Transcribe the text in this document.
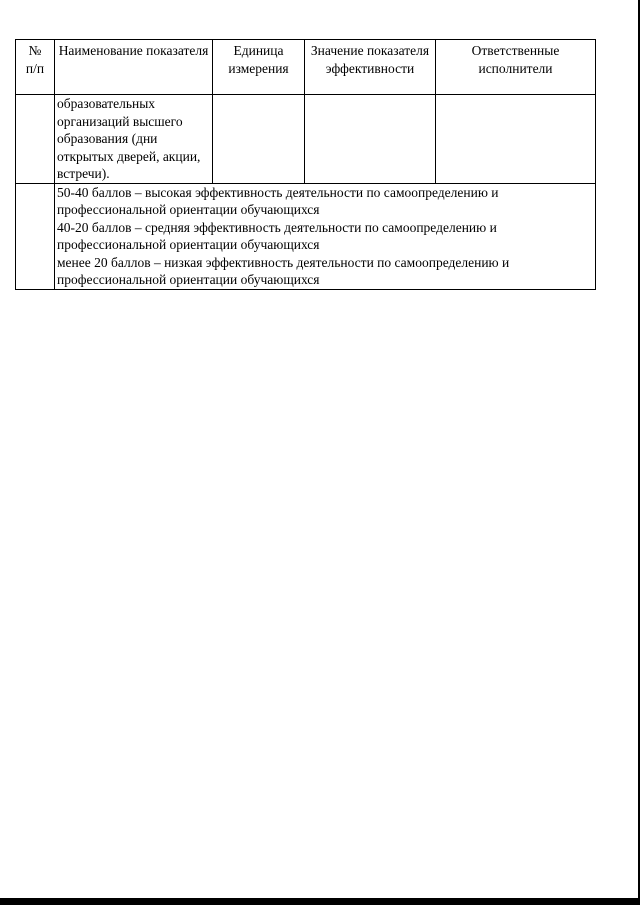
№
п/п	Наименование показателя	Единица измерения	Значение показателя эффективности	Ответственные исполнители
	образовательных организаций высшего образования (дни открытых дверей, акции, встречи).			

	50-40 баллов – высокая эффективность деятельности по самоопределению и профессиональной ориентации обучающихся
40-20 баллов – средняя эффективность деятельности по самоопределению и профессиональной ориентации обучающихся
менее 20 баллов – низкая эффективность деятельности по самоопределению и профессиональной ориентации обучающихся			
